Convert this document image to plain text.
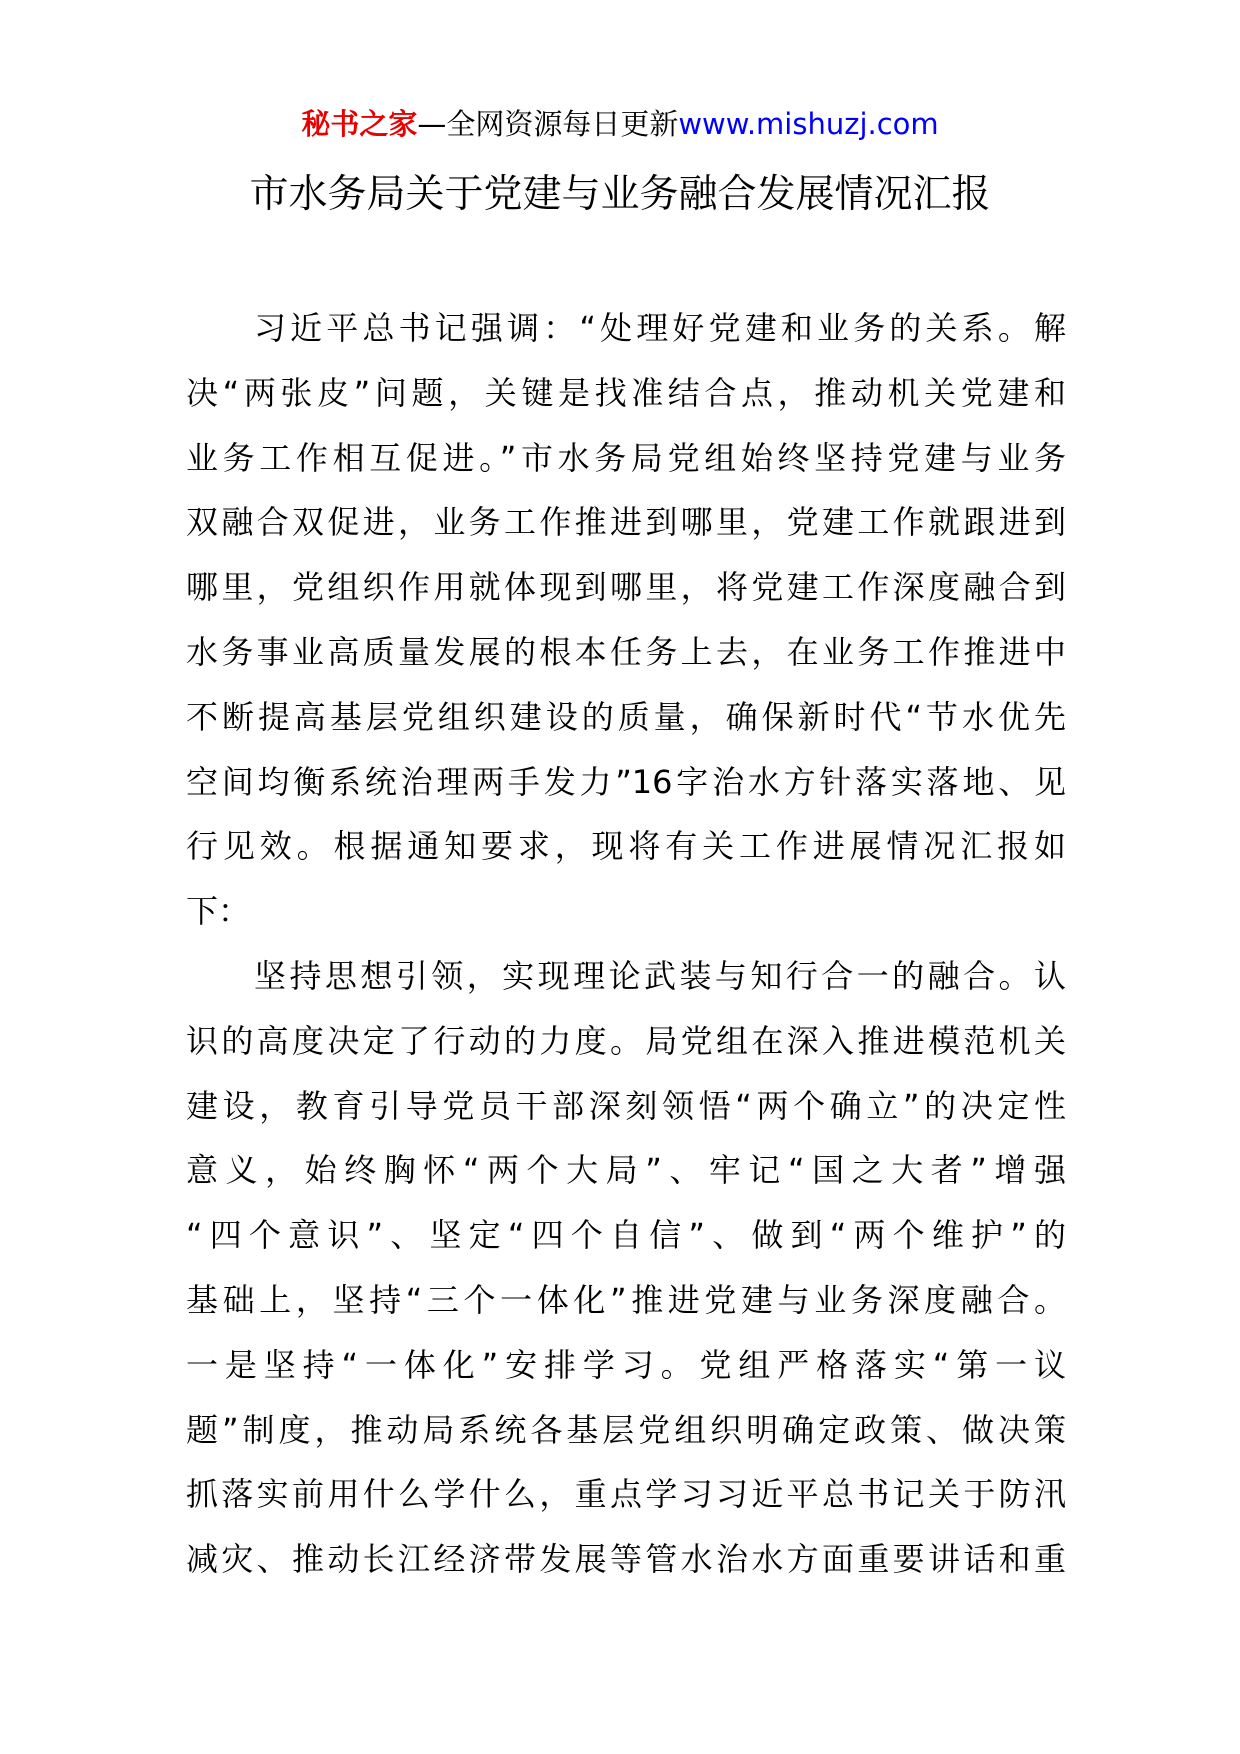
秘书之家—全网资源每日更新www.mishuzj.com
市水务局关于党建与业务融合发展情况汇报
习近平总书记强调：“处理好党建和业务的关系。解
决“两张皮”问题，关键是找准结合点，推动机关党建和
业务工作相互促进。”市水务局党组始终坚持党建与业务
双融合双促进，业务工作推进到哪里，党建工作就跟进到
哪里，党组织作用就体现到哪里，将党建工作深度融合到
水务事业高质量发展的根本任务上去，在业务工作推进中
不断提高基层党组织建设的质量，确保新时代“节水优先
空间均衡系统治理两手发力”16字治水方针落实落地、见
行见效。根据通知要求，现将有关工作进展情况汇报如
下：
坚持思想引领，实现理论武装与知行合一的融合。认
识的高度决定了行动的力度。局党组在深入推进模范机关
建设，教育引导党员干部深刻领悟“两个确立”的决定性
意义，始终胸怀“两个大局”、牢记“国之大者”增强
“四个意识”、坚定“四个自信”、做到“两个维护”的
基础上，坚持“三个一体化”推进党建与业务深度融合。
一是坚持“一体化”安排学习。党组严格落实“第一议
题”制度，推动局系统各基层党组织明确定政策、做决策
抓落实前用什么学什么，重点学习习近平总书记关于防汛
减灾、推动长江经济带发展等管水治水方面重要讲话和重
